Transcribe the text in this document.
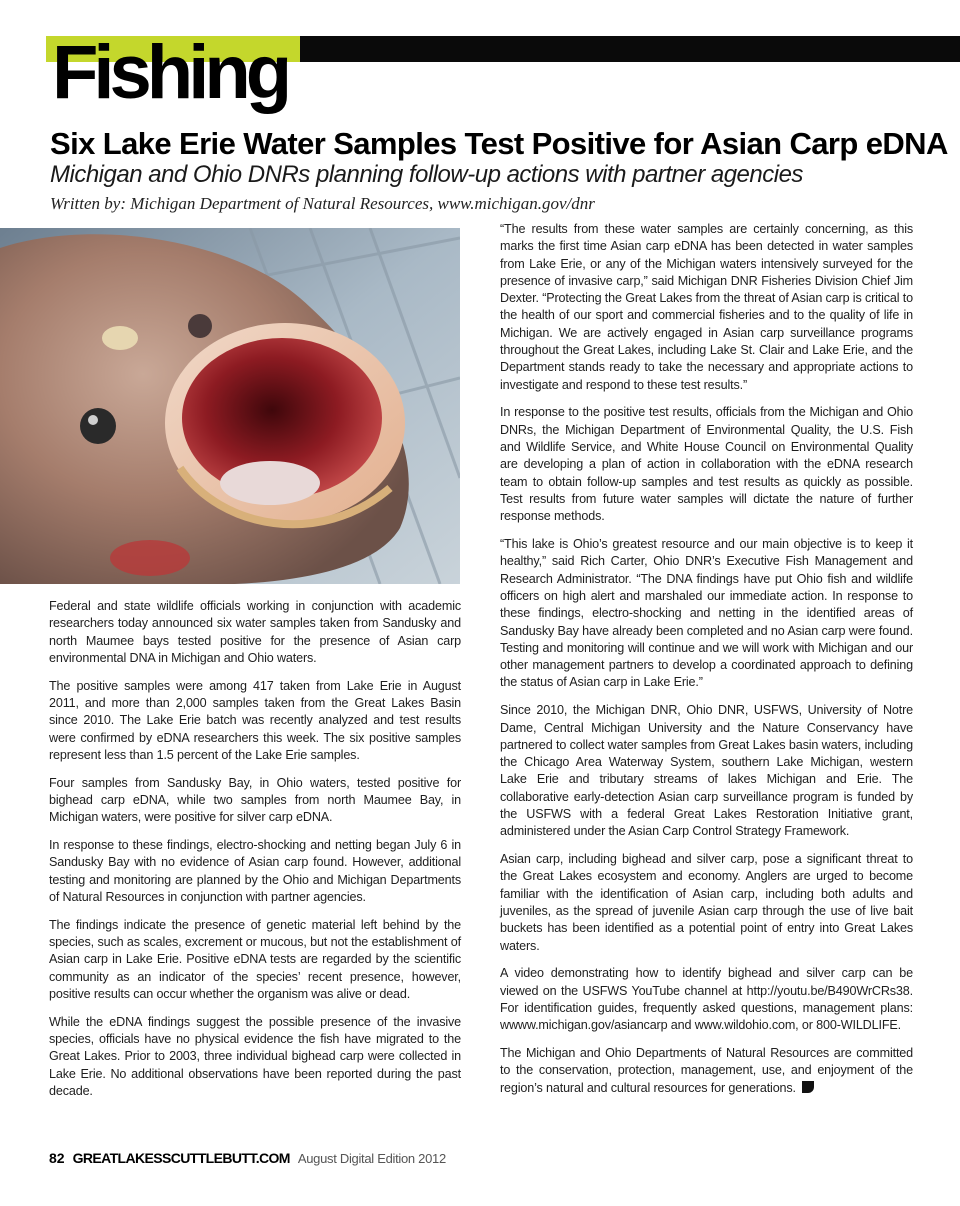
Fishing
Six Lake Erie Water Samples Test Positive for Asian Carp eDNA
Michigan and Ohio DNRs planning follow-up actions with partner agencies
Written by: Michigan Department of Natural Resources, www.michigan.gov/dnr

Federal and state wildlife officials working in conjunction with academic researchers today announced six water samples taken from Sandusky and north Maumee bays tested positive for the presence of Asian carp environmental DNA in Michigan and Ohio waters.

The positive samples were among 417 taken from Lake Erie in August 2011, and more than 2,000 samples taken from the Great Lakes Basin since 2010. The Lake Erie batch was recently analyzed and test results were confirmed by eDNA researchers this week. The six positive samples represent less than 1.5 percent of the Lake Erie samples.

Four samples from Sandusky Bay, in Ohio waters, tested positive for bighead carp eDNA, while two samples from north Maumee Bay, in Michigan waters, were positive for silver carp eDNA.

In response to these findings, electro-shocking and netting began July 6 in Sandusky Bay with no evidence of Asian carp found. However, additional testing and monitoring are planned by the Ohio and Michigan Departments of Natural Resources in conjunction with partner agencies.

The findings indicate the presence of genetic material left behind by the species, such as scales, excrement or mucous, but not the establishment of Asian carp in Lake Erie. Positive eDNA tests are regarded by the scientific community as an indicator of the species’ recent presence, however, positive results can occur whether the organism was alive or dead.

While the eDNA findings suggest the possible presence of the invasive species, officials have no physical evidence the fish have migrated to the Great Lakes. Prior to 2003, three individual bighead carp were collected in Lake Erie. No additional observations have been reported during the past decade.

“The results from these water samples are certainly concerning, as this marks the first time Asian carp eDNA has been detected in water samples from Lake Erie, or any of the Michigan waters intensively surveyed for the presence of invasive carp,” said Michigan DNR Fisheries Division Chief Jim Dexter. “Protecting the Great Lakes from the threat of Asian carp is critical to the health of our sport and commercial fisheries and to the quality of life in Michigan. We are actively engaged in Asian carp surveillance programs throughout the Great Lakes, including Lake St. Clair and Lake Erie, and the Department stands ready to take the necessary and appropriate actions to investigate and respond to these test results.”

In response to the positive test results, officials from the Michigan and Ohio DNRs, the Michigan Department of Environmental Quality, the U.S. Fish and Wildlife Service, and White House Council on Environmental Quality are developing a plan of action in collaboration with the eDNA research team to obtain follow-up samples and test results as quickly as possible. Test results from future water samples will dictate the nature of further response methods.

“This lake is Ohio’s greatest resource and our main objective is to keep it healthy,” said Rich Carter, Ohio DNR’s Executive Fish Management and Research Administrator. “The DNA findings have put Ohio fish and wildlife officers on high alert and marshaled our immediate action. In response to these findings, electro-shocking and netting in the identified areas of Sandusky Bay have already been completed and no Asian carp were found. Testing and monitoring will continue and we will work with Michigan and our other management partners to develop a coordinated approach to defining the status of Asian carp in Lake Erie.”

Since 2010, the Michigan DNR, Ohio DNR, USFWS, University of Notre Dame, Central Michigan University and the Nature Conservancy have partnered to collect water samples from Great Lakes basin waters, including the Chicago Area Waterway System, southern Lake Michigan, western Lake Erie and tributary streams of lakes Michigan and Erie. The collaborative early-detection Asian carp surveillance program is funded by the USFWS with a federal Great Lakes Restoration Initiative grant, administered under the Asian Carp Control Strategy Framework.

Asian carp, including bighead and silver carp, pose a significant threat to the Great Lakes ecosystem and economy. Anglers are urged to become familiar with the identification of Asian carp, including both adults and juveniles, as the spread of juvenile Asian carp through the use of live bait buckets has been identified as a potential point of entry into Great Lakes waters.

A video demonstrating how to identify bighead and silver carp can be viewed on the USFWS YouTube channel at http://youtu.be/B490WrCRs38. For identification guides, frequently asked questions, management plans: wwww.michigan.gov/asiancarp and www.wildohio.com, or 800-WILDLIFE.

The Michigan and Ohio Departments of Natural Resources are committed to the conservation, protection, management, use, and enjoyment of the region’s natural and cultural resources for generations.

82 GREATLAKESSCUTTLEBUTT.COM August Digital Edition 2012
